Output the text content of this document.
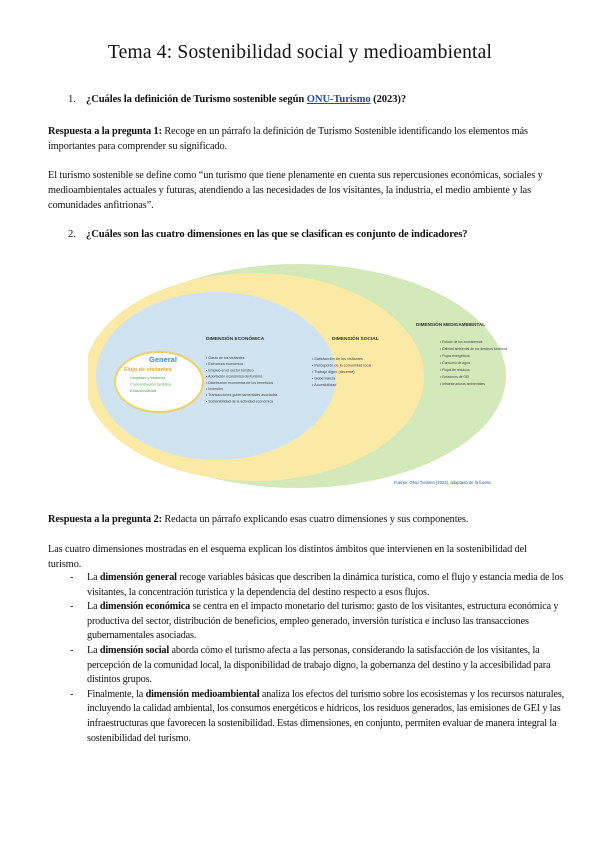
Tema 4: Sostenibilidad social y medioambiental
1. ¿Cuáles la definición de Turismo sostenible según ONU-Turismo (2023)?
Respuesta a la pregunta 1: Recoge en un párrafo la definición de Turismo Sostenible identificando los elementos más importantes para comprender su significado.
El turismo sostenible se define como “un turismo que tiene plenamente en cuenta sus repercusiones económicas, sociales y medioambientales actuales y futuras, atendiendo a las necesidades de los visitantes, la industria, el medio ambiente y las comunidades anfitrionas”.
2. ¿Cuáles son las cuatro dimensiones en las que se clasifican es conjunto de indicadores?
General
Flujo de visitantes
Llegadas y estancia
Concentración turística
Estacionalidad
DIMENSIÓN ECONÓMICA
• Gasto de los visitantes
• Estructura económica
• Empleo en el sector turístico
• Aportación económica del turismo
• Distribución económica de los beneficios
• Inversión
• Transacciones gubernamentales asociadas
• Sostenibilidad de la actividad económica
DIMENSIÓN SOCIAL
• Satisfacción de los visitantes
• Percepción de la comunidad local
• Trabajo digno (decente)
• Gobernanza
• Accesibilidad
DIMENSIÓN MEDIOAMBIENTAL
• Estado de los ecosistemas
• Calidad ambiental de los destinos turísticos
• Flujos energéticos
• Consumo de agua
• Flujos de residuos
• Emisiones de GEI
• Infraestructuras ambientales
Fuente: ONU Turismo (2023), adaptado de la fuente
Respuesta a la pregunta 2: Redacta un párrafo explicando esas cuatro dimensiones y sus componentes.
Las cuatro dimensiones mostradas en el esquema explican los distintos ámbitos que intervienen en la sostenibilidad del turismo.
- La dimensión general recoge variables básicas que describen la dinámica turística, como el flujo y estancia media de los visitantes, la concentración turística y la dependencia del destino respecto a esos flujos.
- La dimensión económica se centra en el impacto monetario del turismo: gasto de los visitantes, estructura económica y productiva del sector, distribución de beneficios, empleo generado, inversión turística e incluso las transacciones gubernamentales asociadas.
- La dimensión social aborda cómo el turismo afecta a las personas, considerando la satisfacción de los visitantes, la percepción de la comunidad local, la disponibilidad de trabajo digno, la gobernanza del destino y la accesibilidad para distintos grupos.
- Finalmente, la dimensión medioambiental analiza los efectos del turismo sobre los ecosistemas y los recursos naturales, incluyendo la calidad ambiental, los consumos energéticos e hídricos, los residuos generados, las emisiones de GEI y las infraestructuras que favorecen la sostenibilidad. Estas dimensiones, en conjunto, permiten evaluar de manera integral la sostenibilidad del turismo.
